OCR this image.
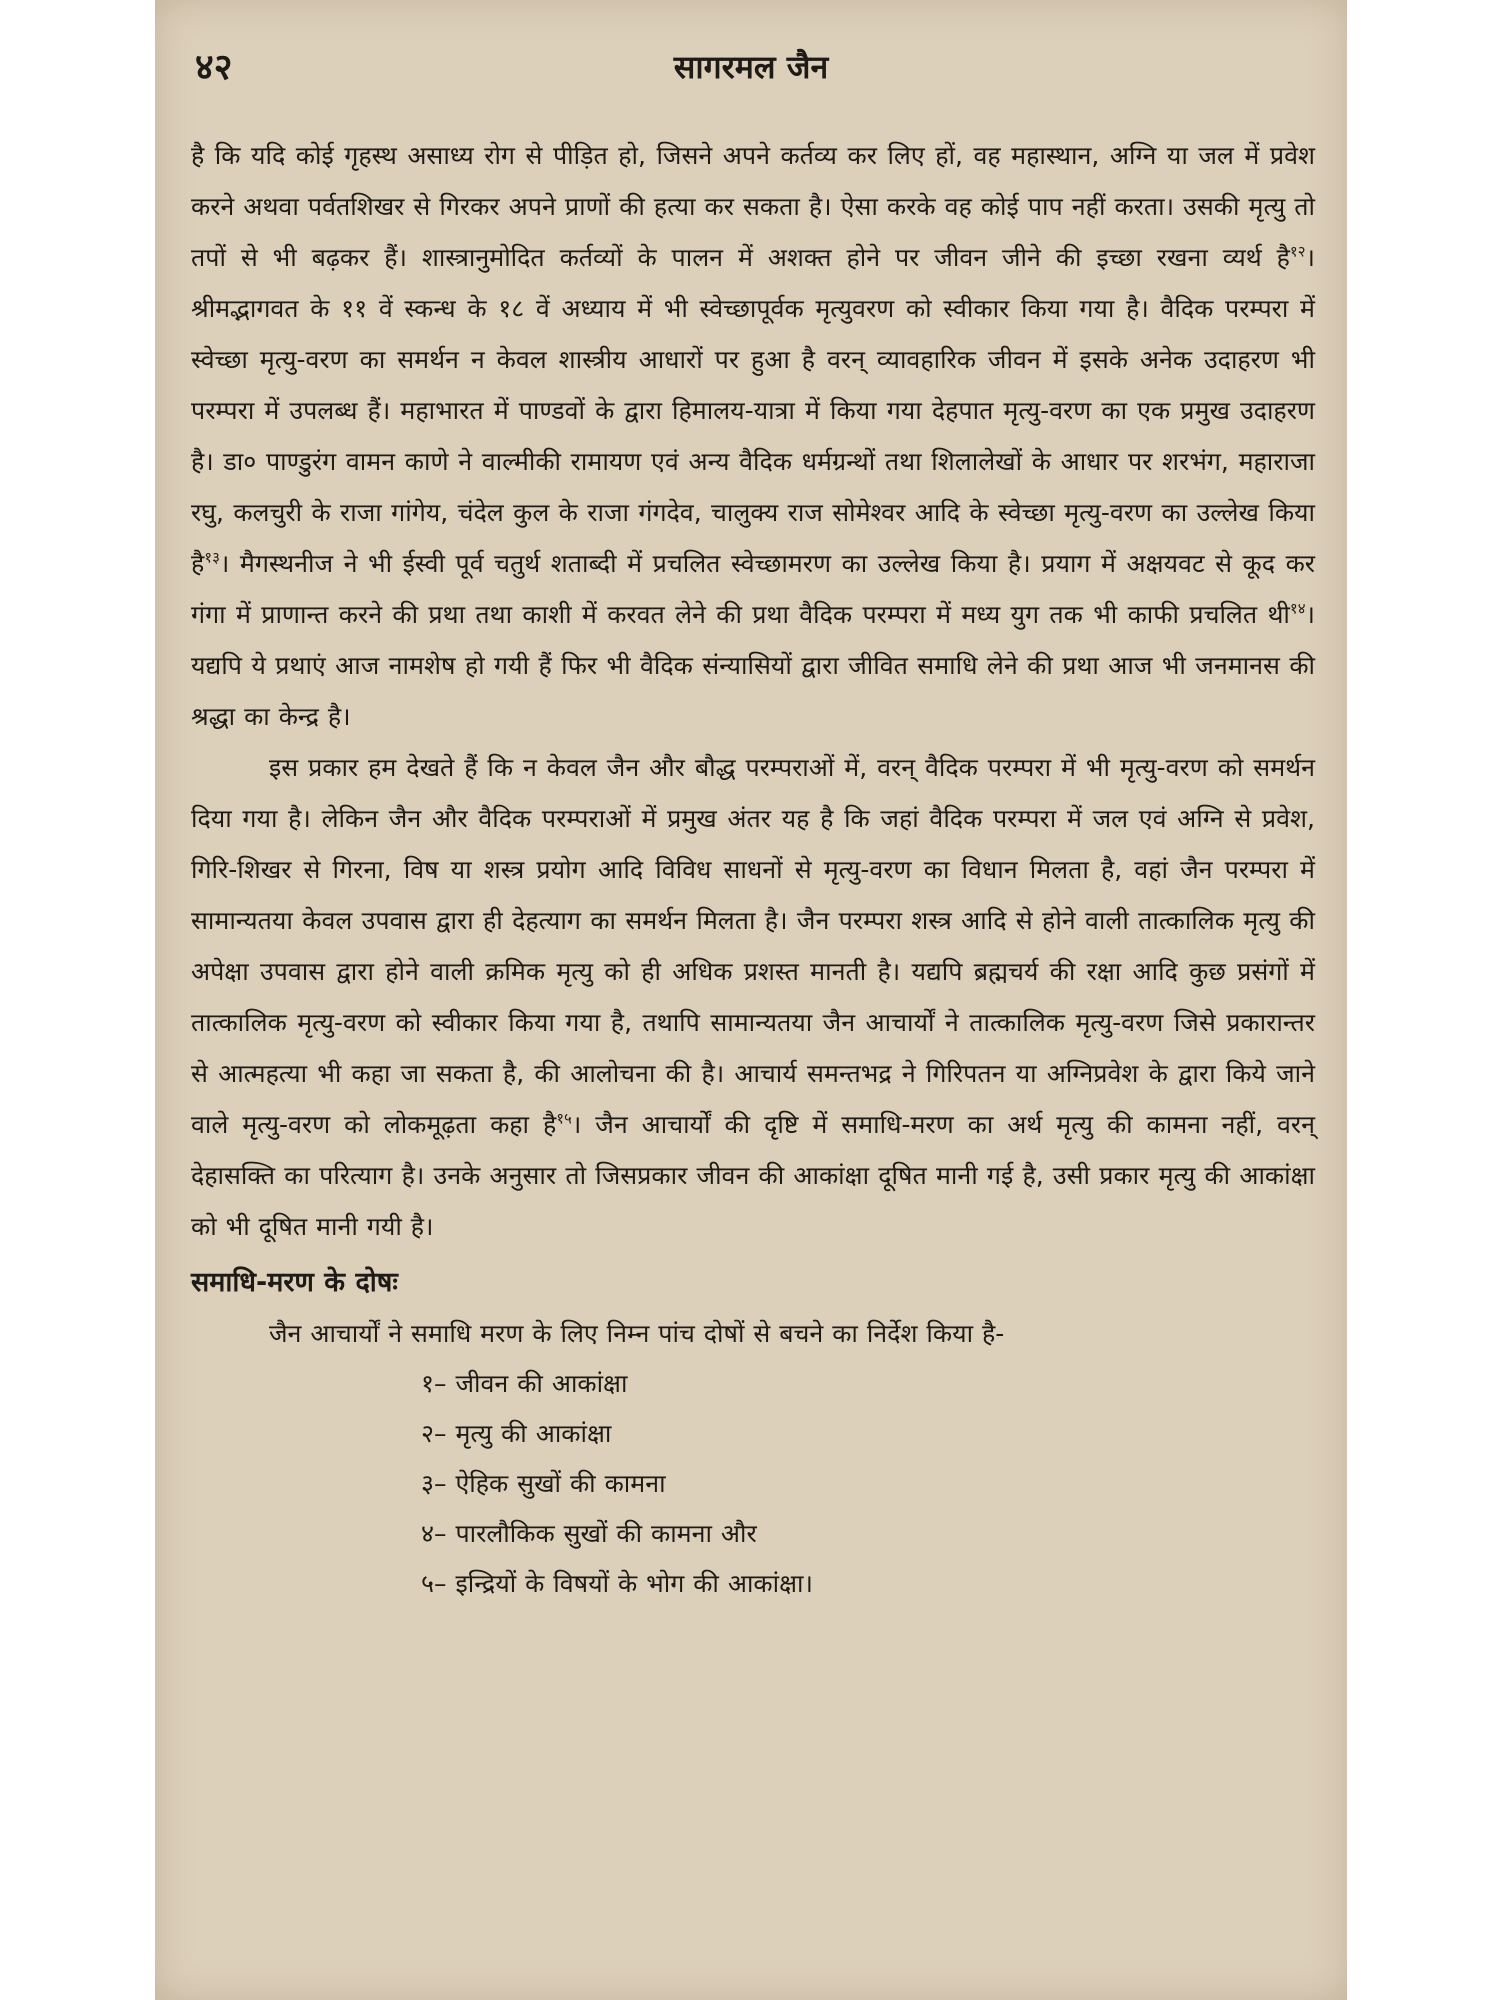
४२	सागरमल जैन

है कि यदि कोई गृहस्थ असाध्य रोग से पीड़ित हो, जिसने अपने कर्तव्य कर लिए हों, वह महास्थान, अग्नि या जल में प्रवेश करने अथवा पर्वतशिखर से गिरकर अपने प्राणों की हत्या कर सकता है। ऐसा करके वह कोई पाप नहीं करता। उसकी मृत्यु तो तपों से भी बढ़कर हैं। शास्त्रानुमोदित कर्तव्यों के पालन में अशक्त होने पर जीवन जीने की इच्छा रखना व्यर्थ है$^{१२}$। श्रीमद्भागवत के ११ वें स्कन्ध के १८ वें अध्याय में भी स्वेच्छापूर्वक मृत्युवरण को स्वीकार किया गया है। वैदिक परम्परा में स्वेच्छा मृत्यु-वरण का समर्थन न केवल शास्त्रीय आधारों पर हुआ है वरन् व्यावहारिक जीवन में इसके अनेक उदाहरण भी परम्परा में उपलब्ध हैं। महाभारत में पाण्डवों के द्वारा हिमालय-यात्रा में किया गया देहपात मृत्यु-वरण का एक प्रमुख उदाहरण है। डा० पाण्डुरंग वामन काणे ने वाल्मीकी रामायण एवं अन्य वैदिक धर्मग्रन्थों तथा शिलालेखों के आधार पर शरभंग, महाराजा रघु, कलचुरी के राजा गांगेय, चंदेल कुल के राजा गंगदेव, चालुक्य राज सोमेश्वर आदि के स्वेच्छा मृत्यु-वरण का उल्लेख किया है$^{१३}$। मैगस्थनीज ने भी ईस्वी पूर्व चतुर्थ शताब्दी में प्रचलित स्वेच्छामरण का उल्लेख किया है। प्रयाग में अक्षयवट से कूद कर गंगा में प्राणान्त करने की प्रथा तथा काशी में करवत लेने की प्रथा वैदिक परम्परा में मध्य युग तक भी काफी प्रचलित थी$^{१४}$। यद्यपि ये प्रथाएं आज नामशेष हो गयी हैं फिर भी वैदिक संन्यासियों द्वारा जीवित समाधि लेने की प्रथा आज भी जनमानस की श्रद्धा का केन्द्र है।

इस प्रकार हम देखते हैं कि न केवल जैन और बौद्ध परम्पराओं में, वरन् वैदिक परम्परा में भी मृत्यु-वरण को समर्थन दिया गया है। लेकिन जैन और वैदिक परम्पराओं में प्रमुख अंतर यह है कि जहां वैदिक परम्परा में जल एवं अग्नि से प्रवेश, गिरि-शिखर से गिरना, विष या शस्त्र प्रयोग आदि विविध साधनों से मृत्यु-वरण का विधान मिलता है, वहां जैन परम्परा में सामान्यतया केवल उपवास द्वारा ही देहत्याग का समर्थन मिलता है। जैन परम्परा शस्त्र आदि से होने वाली तात्कालिक मृत्यु की अपेक्षा उपवास द्वारा होने वाली क्रमिक मृत्यु को ही अधिक प्रशस्त मानती है। यद्यपि ब्रह्मचर्य की रक्षा आदि कुछ प्रसंगों में तात्कालिक मृत्यु-वरण को स्वीकार किया गया है, तथापि सामान्यतया जैन आचार्यों ने तात्कालिक मृत्यु-वरण जिसे प्रकारान्तर से आत्महत्या भी कहा जा सकता है, की आलोचना की है। आचार्य समन्तभद्र ने गिरिपतन या अग्निप्रवेश के द्वारा किये जाने वाले मृत्यु-वरण को लोकमूढ़ता कहा है$^{१५}$। जैन आचार्यों की दृष्टि में समाधि-मरण का अर्थ मृत्यु की कामना नहीं, वरन् देहासक्ति का परित्याग है। उनके अनुसार तो जिसप्रकार जीवन की आकांक्षा दूषित मानी गई है, उसी प्रकार मृत्यु की आकांक्षा को भी दूषित मानी गयी है।

समाधि-मरण के दोषः

जैन आचार्यों ने समाधि मरण के लिए निम्न पांच दोषों से बचने का निर्देश किया है-

१– जीवन की आकांक्षा
२– मृत्यु की आकांक्षा
३– ऐहिक सुखों की कामना
४– पारलौकिक सुखों की कामना और
५– इन्द्रियों के विषयों के भोग की आकांक्षा।
